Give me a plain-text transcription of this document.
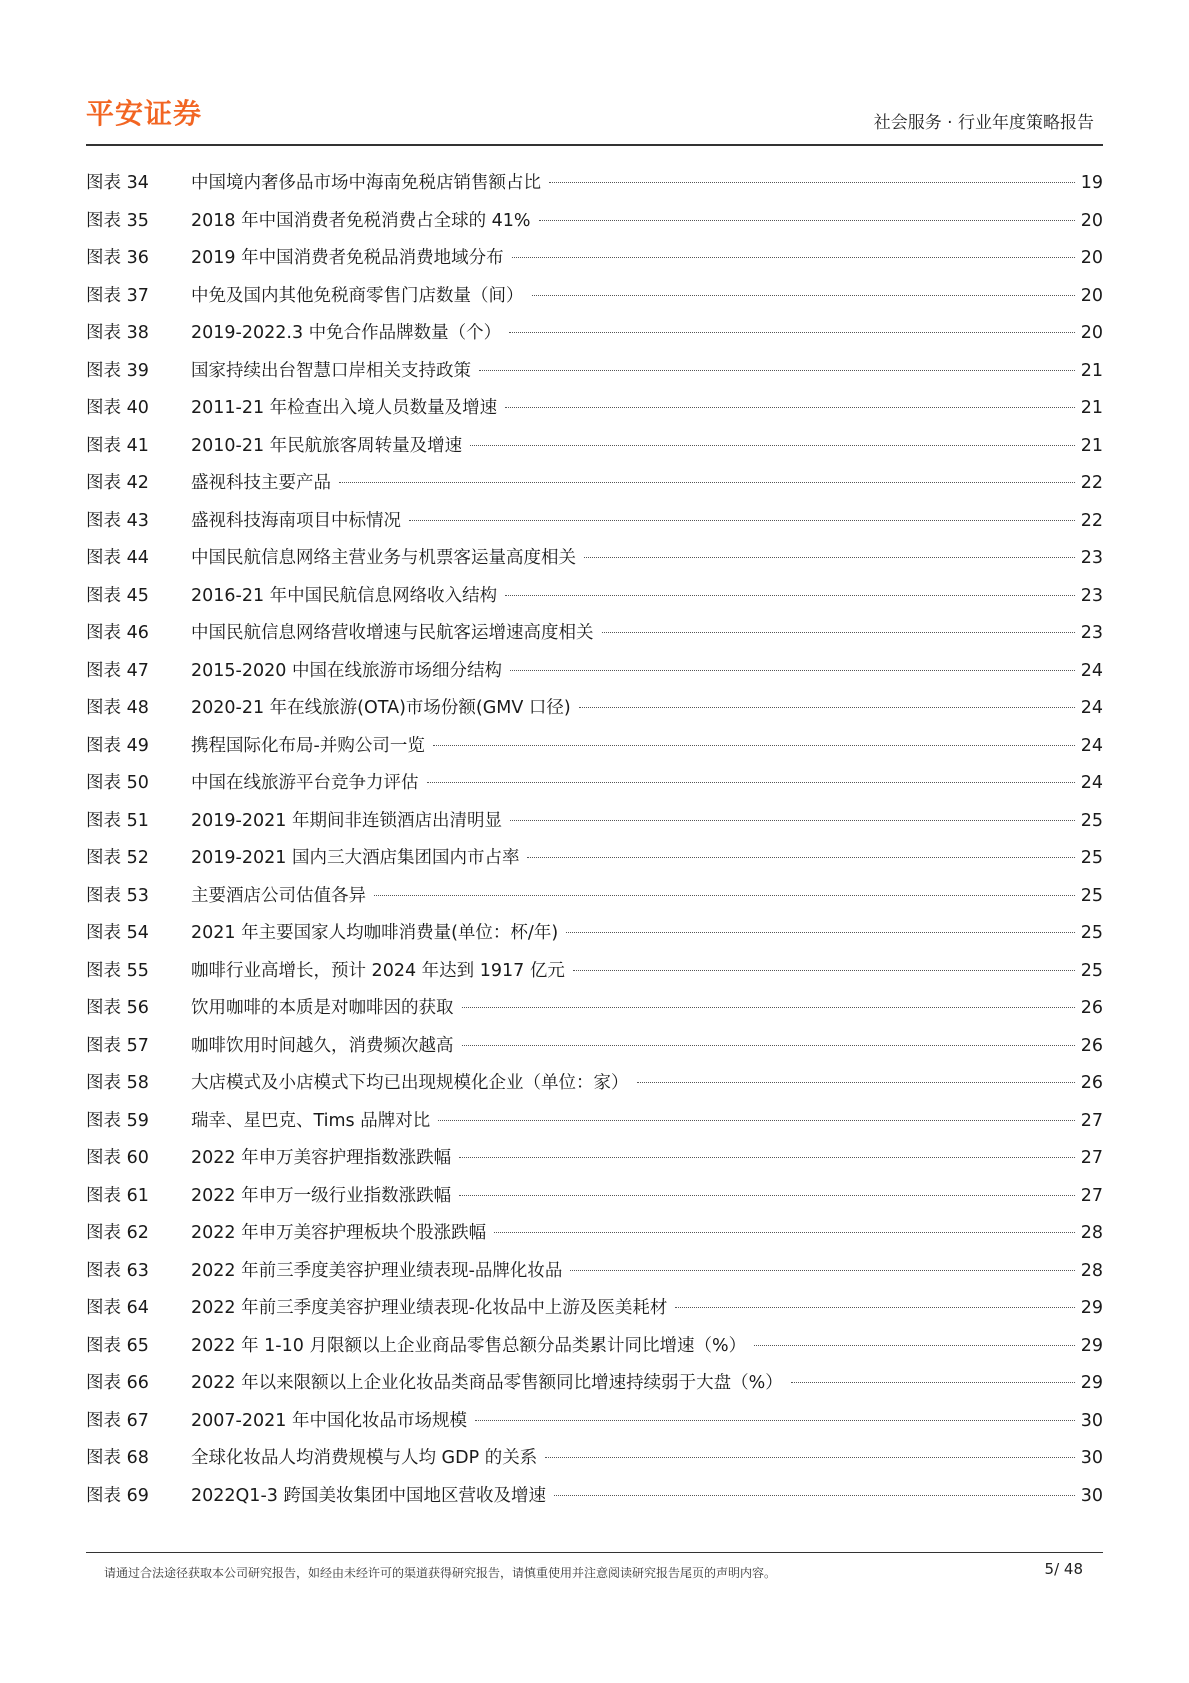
平安证券	社会服务 · 行业年度策略报告
图表 34	中国境内奢侈品市场中海南免税店销售额占比	19
图表 35	2018 年中国消费者免税消费占全球的 41%	20
图表 36	2019 年中国消费者免税品消费地域分布	20
图表 37	中免及国内其他免税商零售门店数量（间）	20
图表 38	2019-2022.3 中免合作品牌数量（个）	20
图表 39	国家持续出台智慧口岸相关支持政策	21
图表 40	2011-21 年检查出入境人员数量及增速	21
图表 41	2010-21 年民航旅客周转量及增速	21
图表 42	盛视科技主要产品	22
图表 43	盛视科技海南项目中标情况	22
图表 44	中国民航信息网络主营业务与机票客运量高度相关	23
图表 45	2016-21 年中国民航信息网络收入结构	23
图表 46	中国民航信息网络营收增速与民航客运增速高度相关	23
图表 47	2015-2020 中国在线旅游市场细分结构	24
图表 48	2020-21 年在线旅游(OTA)市场份额(GMV 口径)	24
图表 49	携程国际化布局-并购公司一览	24
图表 50	中国在线旅游平台竞争力评估	24
图表 51	2019-2021 年期间非连锁酒店出清明显	25
图表 52	2019-2021 国内三大酒店集团国内市占率	25
图表 53	主要酒店公司估值各异	25
图表 54	2021 年主要国家人均咖啡消费量(单位：杯/年)	25
图表 55	咖啡行业高增长，预计 2024 年达到 1917 亿元	25
图表 56	饮用咖啡的本质是对咖啡因的获取	26
图表 57	咖啡饮用时间越久，消费频次越高	26
图表 58	大店模式及小店模式下均已出现规模化企业（单位：家）	26
图表 59	瑞幸、星巴克、Tims 品牌对比	27
图表 60	2022 年申万美容护理指数涨跌幅	27
图表 61	2022 年申万一级行业指数涨跌幅	27
图表 62	2022 年申万美容护理板块个股涨跌幅	28
图表 63	2022 年前三季度美容护理业绩表现-品牌化妆品	28
图表 64	2022 年前三季度美容护理业绩表现-化妆品中上游及医美耗材	29
图表 65	2022 年 1-10 月限额以上企业商品零售总额分品类累计同比增速（%）	29
图表 66	2022 年以来限额以上企业化妆品类商品零售额同比增速持续弱于大盘（%）	29
图表 67	2007-2021 年中国化妆品市场规模	30
图表 68	全球化妆品人均消费规模与人均 GDP 的关系	30
图表 69	2022Q1-3 跨国美妆集团中国地区营收及增速	30
请通过合法途径获取本公司研究报告，如经由未经许可的渠道获得研究报告，请慎重使用并注意阅读研究报告尾页的声明内容。	5/ 48
